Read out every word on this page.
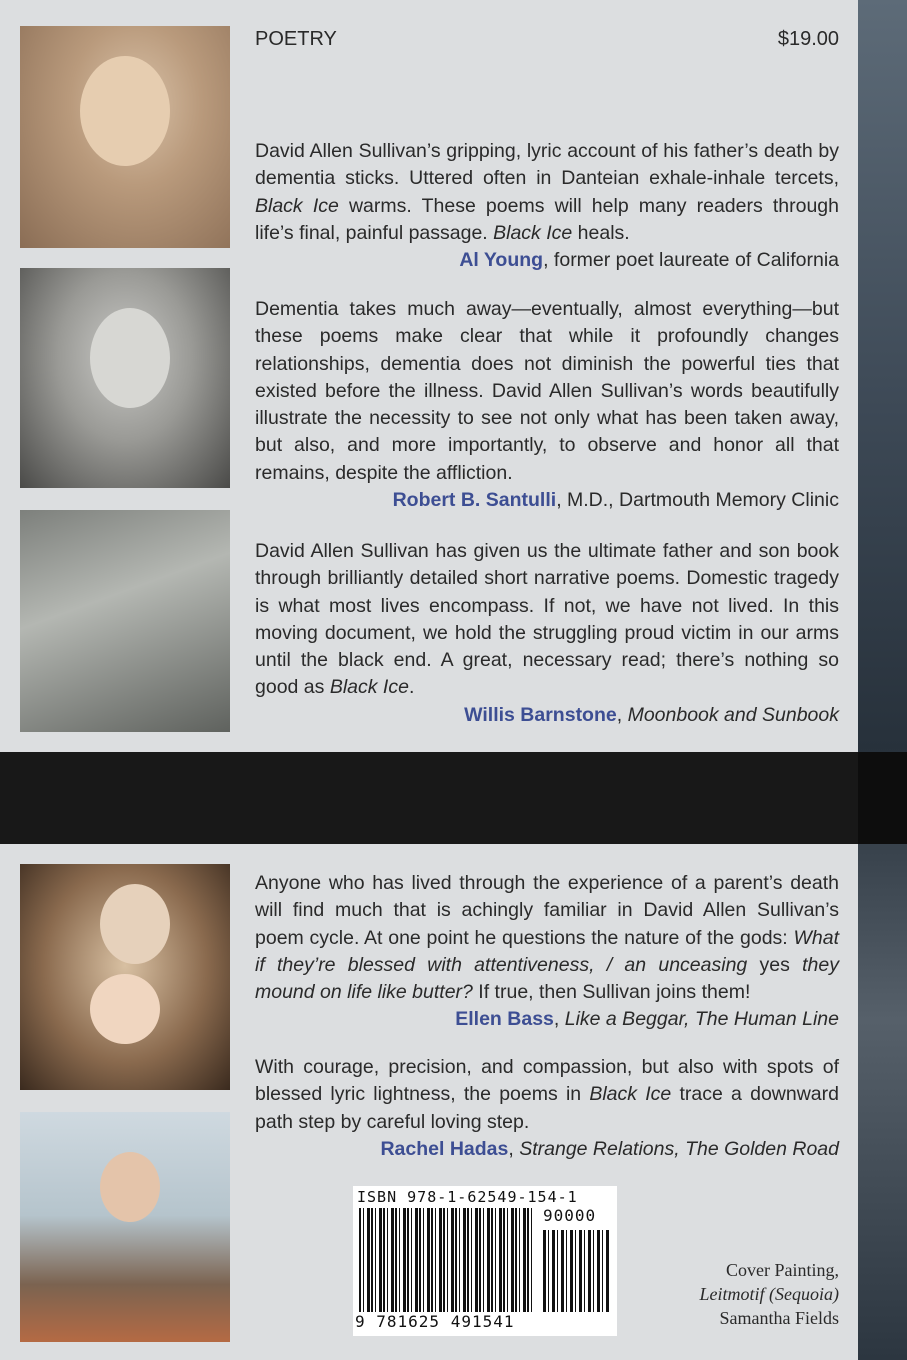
POETRY	$19.00

David Allen Sullivan’s gripping, lyric account of his father’s death by dementia sticks. Uttered often in Danteian exhale-inhale tercets, Black Ice warms. These poems will help many readers through life’s final, painful passage. Black Ice heals.

Al Young, former poet laureate of California

Dementia takes much away—eventually, almost everything—but these poems make clear that while it profoundly changes relationships, dementia does not diminish the powerful ties that existed before the illness. David Allen Sullivan’s words beautifully illustrate the necessity to see not only what has been taken away, but also, and more importantly, to observe and honor all that remains, despite the affliction.

Robert B. Santulli, M.D., Dartmouth Memory Clinic

David Allen Sullivan has given us the ultimate father and son book through brilliantly detailed short narrative poems. Domestic tragedy is what most lives encompass. If not, we have not lived. In this moving document, we hold the struggling proud victim in our arms until the black end. A great, necessary read; there’s nothing so good as Black Ice.

Willis Barnstone, Moonbook and Sunbook

Anyone who has lived through the experience of a parent’s death will find much that is achingly familiar in David Allen Sullivan’s poem cycle. At one point he questions the nature of the gods: What if they’re blessed with attentiveness, / an unceasing yes they mound on life like butter? If true, then Sullivan joins them!

Ellen Bass, Like a Beggar, The Human Line

With courage, precision, and compassion, but also with spots of blessed lyric lightness, the poems in Black Ice trace a downward path step by careful loving step.

Rachel Hadas, Strange Relations, The Golden Road

ISBN 978-1-62549-154-1
90000
9 781625 491541
Cover Painting,
Leitmotif (Sequoia)
Samantha Fields
